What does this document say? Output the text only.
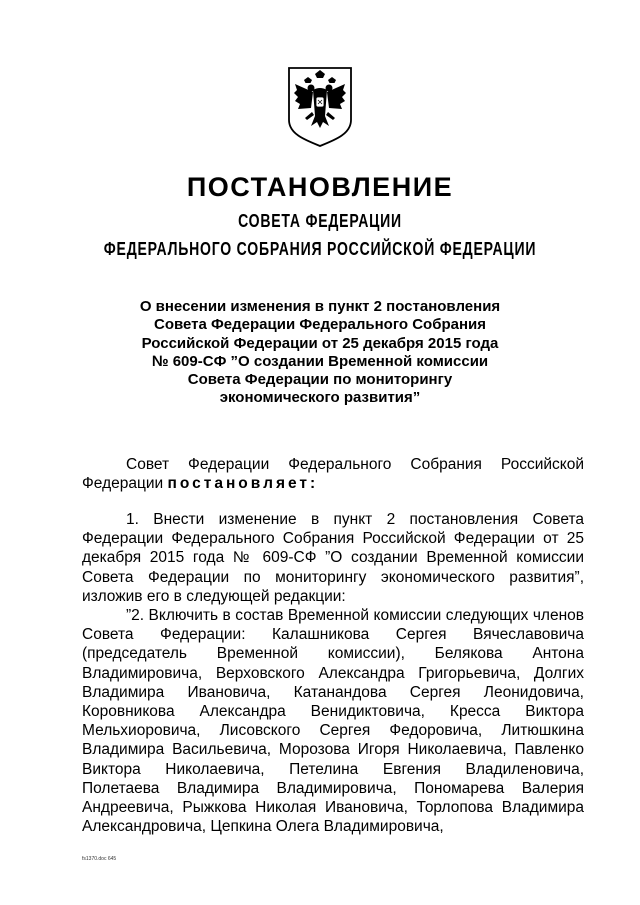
ПОСТАНОВЛЕНИЕ
СОВЕТА ФЕДЕРАЦИИ
ФЕДЕРАЛЬНОГО СОБРАНИЯ РОССИЙСКОЙ ФЕДЕРАЦИИ
О внесении изменения в пункт 2 постановления
Совета Федерации Федерального Собрания
Российской Федерации от 25 декабря 2015 года
№ 609-СФ ”О создании Временной комиссии
Совета Федерации по мониторингу
экономического развития”
Совет Федерации Федерального Собрания Российской Федерации постановляет:
1. Внести изменение в пункт 2 постановления Совета Федерации Федерального Собрания Российской Федерации от 25 декабря 2015 года № 609-СФ ”О создании Временной комиссии Совета Федерации по мониторингу экономического развития”, изложив его в следующей редакции:
”2. Включить в состав Временной комиссии следующих членов Совета Федерации: Калашникова Сергея Вячеславовича (председатель Временной комиссии), Белякова Антона Владимировича, Верховского Александра Григорьевича, Долгих Владимира Ивановича, Катанандова Сергея Леонидовича, Коровникова Александра Венидиктовича, Кресса Виктора Мельхиоровича, Лисовского Сергея Федоровича, Литюшкина Владимира Васильевича, Морозова Игоря Николаевича, Павленко Виктора Николаевича, Петелина Евгения Владиленовича, Полетаева Владимира Владимировича, Пономарева Валерия Андреевича, Рыжкова Николая Ивановича, Торлопова Владимира Александровича, Цепкина Олега Владимировича,
fs1370.doc 645
